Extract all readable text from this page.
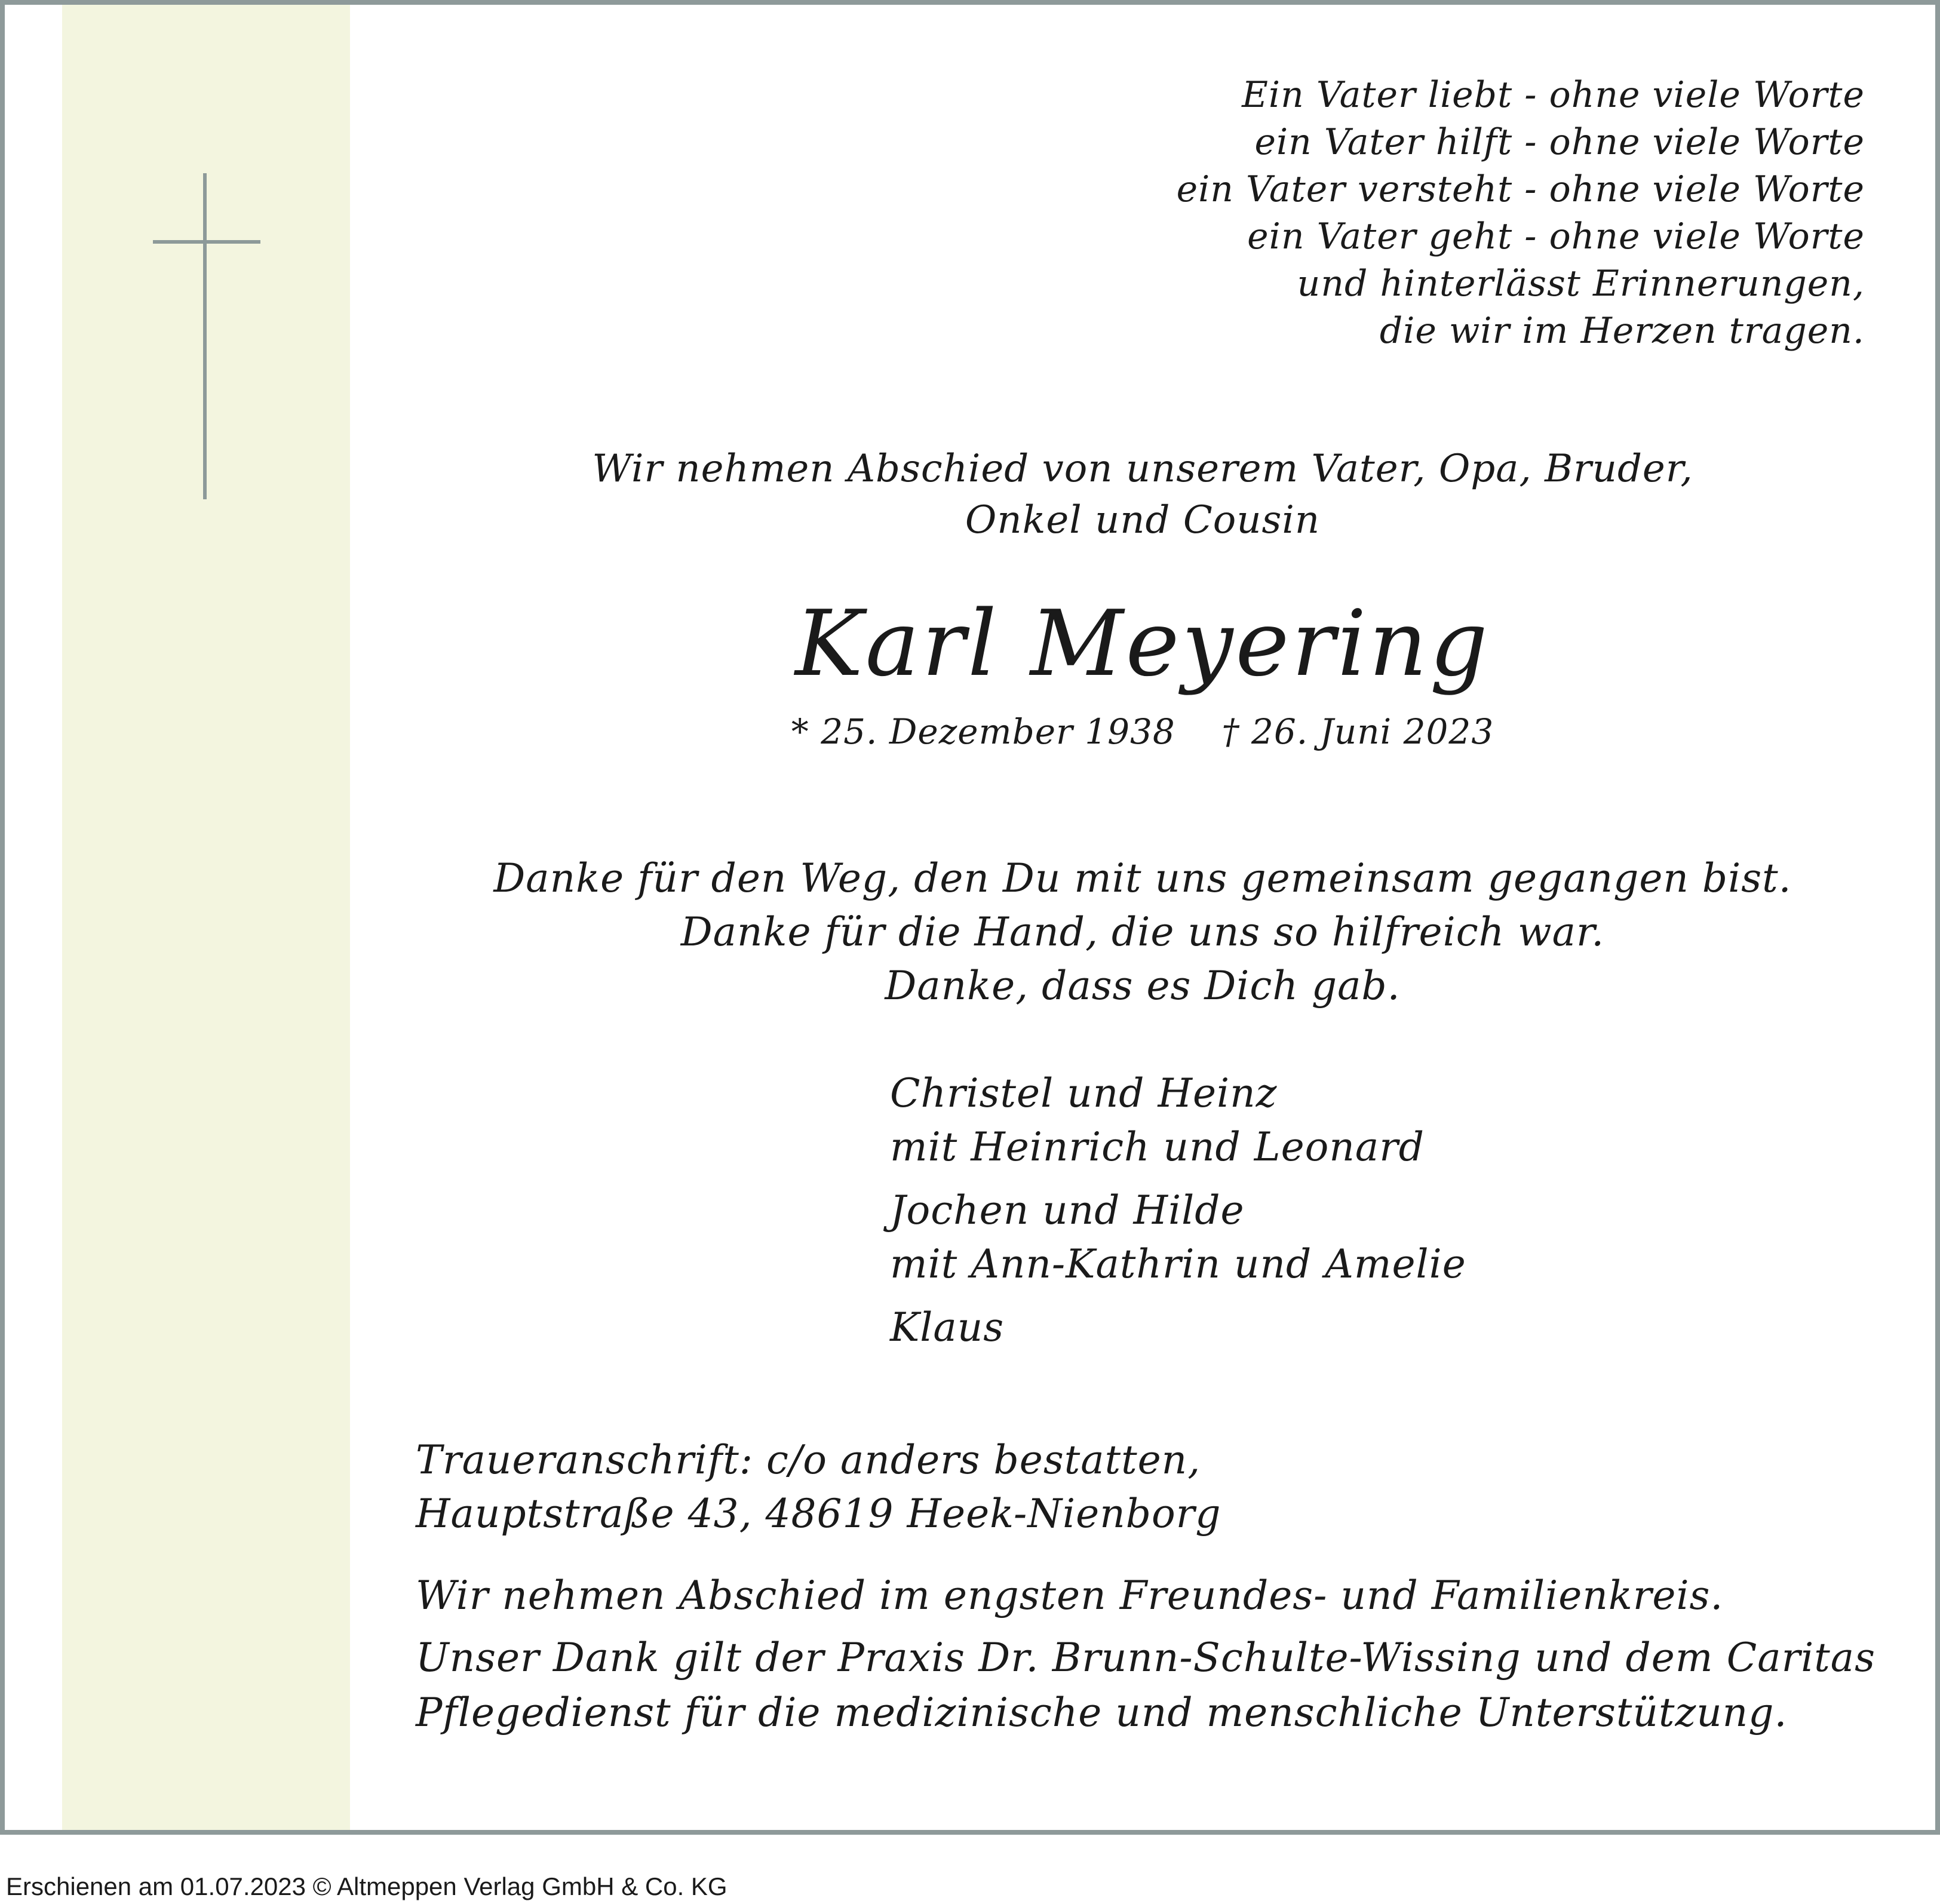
Ein Vater liebt - ohne viele Worte
ein Vater hilft - ohne viele Worte
ein Vater versteht - ohne viele Worte
ein Vater geht - ohne viele Worte
und hinterlässt Erinnerungen,
die wir im Herzen tragen.
Wir nehmen Abschied von unserem Vater, Opa, Bruder,
Onkel und Cousin
Karl Meyering
* 25. Dezember 1938    † 26. Juni 2023
Danke für den Weg, den Du mit uns gemeinsam gegangen bist.
Danke für die Hand, die uns so hilfreich war.
Danke, dass es Dich gab.
Christel und Heinz
mit Heinrich und Leonard
Jochen und Hilde
mit Ann-Kathrin und Amelie
Klaus
Traueranschrift: c/o anders bestatten,
Hauptstraße 43, 48619 Heek-Nienborg
Wir nehmen Abschied im engsten Freundes- und Familienkreis.
Unser Dank gilt der Praxis Dr. Brunn-Schulte-Wissing und dem Caritas Pflegedienst für die medizinische und menschliche Unterstützung.
Erschienen am 01.07.2023 © Altmeppen Verlag GmbH & Co. KG
